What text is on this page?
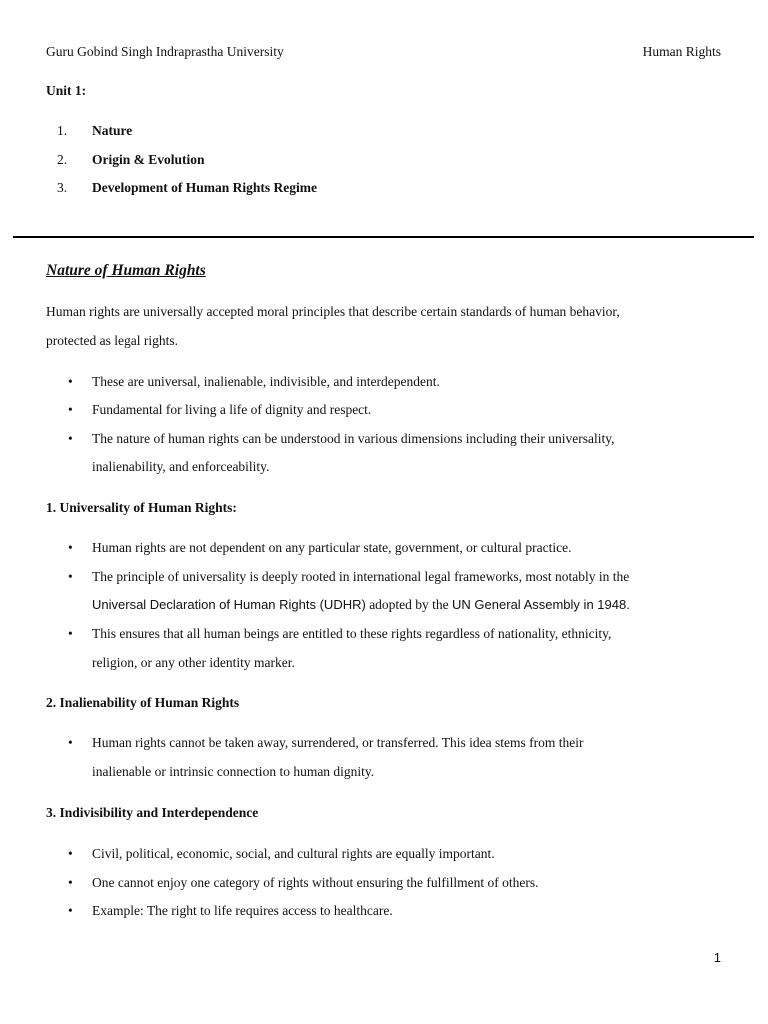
Guru Gobind Singh Indraprastha University	Human Rights

Unit 1:

1. Nature

2. Origin & Evolution

3. Development of Human Rights Regime

Nature of Human Rights

Human rights are universally accepted moral principles that describe certain standards of human behavior,

protected as legal rights.

• These are universal, inalienable, indivisible, and interdependent.

• Fundamental for living a life of dignity and respect.

• The nature of human rights can be understood in various dimensions including their universality,

inalienability, and enforceability.

1. Universality of Human Rights:

• Human rights are not dependent on any particular state, government, or cultural practice.

• The principle of universality is deeply rooted in international legal frameworks, most notably in the

Universal Declaration of Human Rights (UDHR) adopted by the UN General Assembly in 1948.

• This ensures that all human beings are entitled to these rights regardless of nationality, ethnicity,

religion, or any other identity marker.

2. Inalienability of Human Rights

• Human rights cannot be taken away, surrendered, or transferred. This idea stems from their

inalienable or intrinsic connection to human dignity.

3. Indivisibility and Interdependence

• Civil, political, economic, social, and cultural rights are equally important.

• One cannot enjoy one category of rights without ensuring the fulfillment of others.

• Example: The right to life requires access to healthcare.

1
